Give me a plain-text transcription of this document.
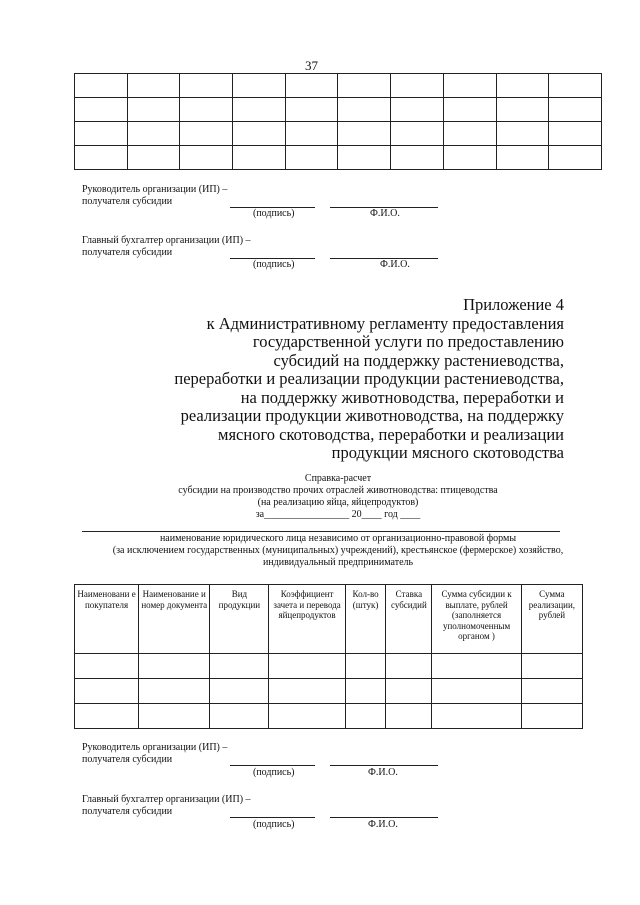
37

Руководитель организации (ИП) –
получателя субсидии
(подпись)	Ф.И.О.
Главный бухгалтер организации (ИП) –
получателя субсидии
(подпись)	Ф.И.О.
Приложение 4
к Административному регламенту предоставления
государственной услуги по предоставлению
субсидий на поддержку растениеводства,
переработки и реализации продукции растениеводства,
на поддержку животноводства, переработки и
реализации продукции животноводства, на поддержку
мясного скотоводства, переработки и реализации
продукции мясного скотоводства
Справка-расчет
субсидии на производство прочих отраслей животноводства: птицеводства
(на реализацию яйца, яйцепродуктов)
за_________________ 20____ год ____
наименование юридического лица независимо от организационно-правовой формы
(за исключением государственных (муниципальных) учреждений), крестьянское (фермерское) хозяйство,
индивидуальный предприниматель
Наименовани е покупателя	Наименование и номер документа	Вид продукции	Коэффициент зачета и перевода яйцепродуктов	Кол-во (штук)	Ставка субсидий	Сумма субсидии к выплате, рублей (заполняется уполномоченным органом )	Сумма реализации, рублей

Руководитель организации (ИП) –
получателя субсидии
(подпись)	Ф.И.О.
Главный бухгалтер организации (ИП) –
получателя субсидии
(подпись)	Ф.И.О.
